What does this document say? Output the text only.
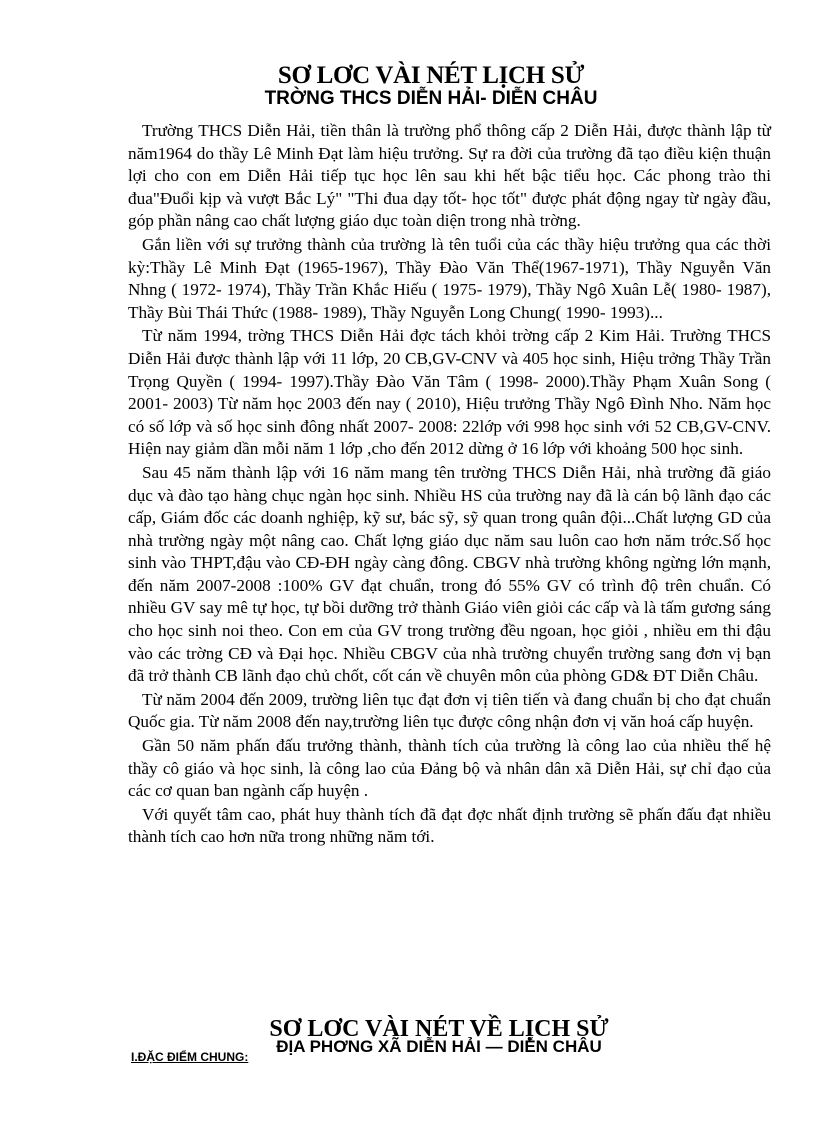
SƠ LƠC VÀI NÉT LỊCH SỬ
TRỜNG THCS DIỄN HẢI- DIỄN CHÂU

Trường THCS Diễn Hải, tiền thân là trường phổ thông cấp 2 Diễn Hải, được thành lập từ năm1964 do thầy Lê Minh Đạt làm hiệu trưởng. Sự ra đời của trường đã tạo điều kiện thuận lợi cho con em Diễn Hải tiếp tục học lên sau khi hết bậc tiểu học. Các phong trào thi đua"Đuổi kịp và vượt Bắc Lý" "Thi đua dạy tốt- học tốt" được phát động ngay từ ngày đầu, góp phần nâng cao chất lượng giáo dục toàn diện trong nhà trờng.

Gắn liền với sự trưởng thành của trường là tên tuổi của các thầy hiệu trưởng qua các thời kỳ:Thầy Lê Minh Đạt (1965-1967), Thầy Đào Văn Thể(1967-1971), Thầy Nguyễn Văn Nhng ( 1972- 1974), Thầy Trần Khắc Hiếu ( 1975- 1979), Thầy Ngô Xuân Lễ( 1980- 1987), Thầy Bùi Thái Thức (1988- 1989), Thầy Nguyễn Long Chung( 1990- 1993)...

Từ năm 1994, trờng THCS Diễn Hải đợc tách khỏi trờng cấp 2 Kim Hải. Trường THCS Diễn Hải được thành lập với 11 lớp, 20 CB,GV-CNV và 405 học sinh, Hiệu trởng Thầy Trần Trọng Quyền ( 1994- 1997).Thầy Đào Văn Tâm ( 1998- 2000).Thầy Phạm Xuân Song ( 2001- 2003) Từ năm học 2003 đến nay ( 2010), Hiệu trưởng Thầy Ngô Đình Nho. Năm học có số lớp và số học sinh đông nhất 2007- 2008: 22lớp với 998 học sinh với 52 CB,GV-CNV. Hiện nay giảm dần mỗi năm 1 lớp ,cho đến 2012 dừng ở 16 lớp với khoảng 500 học sinh.

Sau 45 năm thành lập với 16 năm mang tên trường THCS Diễn Hải, nhà trường đã giáo dục và đào tạo hàng chục ngàn học sinh. Nhiều HS của trường nay đã là cán bộ lãnh đạo các cấp, Giám đốc các doanh nghiệp, kỹ sư, bác sỹ, sỹ quan trong quân đội...Chất lượng GD của nhà trường ngày một nâng cao. Chất lợng giáo dục năm sau luôn cao hơn năm trớc.Số học sinh vào THPT,đậu vào CĐ-ĐH ngày càng đông. CBGV nhà trường không ngừng lớn mạnh, đến năm 2007-2008 :100% GV đạt chuẩn, trong đó 55% GV có trình độ trên chuẩn. Có nhiều GV say mê tự học, tự bồi dưỡng trở thành Giáo viên giỏi các cấp và là tấm gương sáng cho học sinh noi theo. Con em của GV trong trường đều ngoan, học giỏi , nhiều em thi đậu vào các trờng CĐ và Đại học. Nhiều CBGV của nhà trường chuyển trường sang đơn vị bạn đã trở thành CB lãnh đạo chủ chốt, cốt cán về chuyên môn của phòng GD& ĐT Diễn Châu.

Từ năm 2004 đến 2009, trường liên tục đạt đơn vị tiên tiến và đang chuẩn bị cho đạt chuẩn Quốc gia. Từ năm 2008 đến nay,trường liên tục được công nhận đơn vị văn hoá cấp huyện.

Gần 50 năm phấn đấu trưởng thành, thành tích của trường là công lao của nhiều thế hệ thầy cô giáo và học sinh, là công lao của Đảng bộ và nhân dân xã Diễn Hải, sự chỉ đạo của các cơ quan ban ngành cấp huyện .

Với quyết tâm cao, phát huy thành tích đã đạt đợc nhất định trường sẽ phấn đấu đạt nhiều thành tích cao hơn nữa trong những năm tới.

SƠ LƠC VÀI NÉT VỀ LỊCH SỬ
ĐỊA PHƠNG XÃ DIỄN HẢI — DIỄN CHÂU
I.ĐẶC ĐIỂM CHUNG:
